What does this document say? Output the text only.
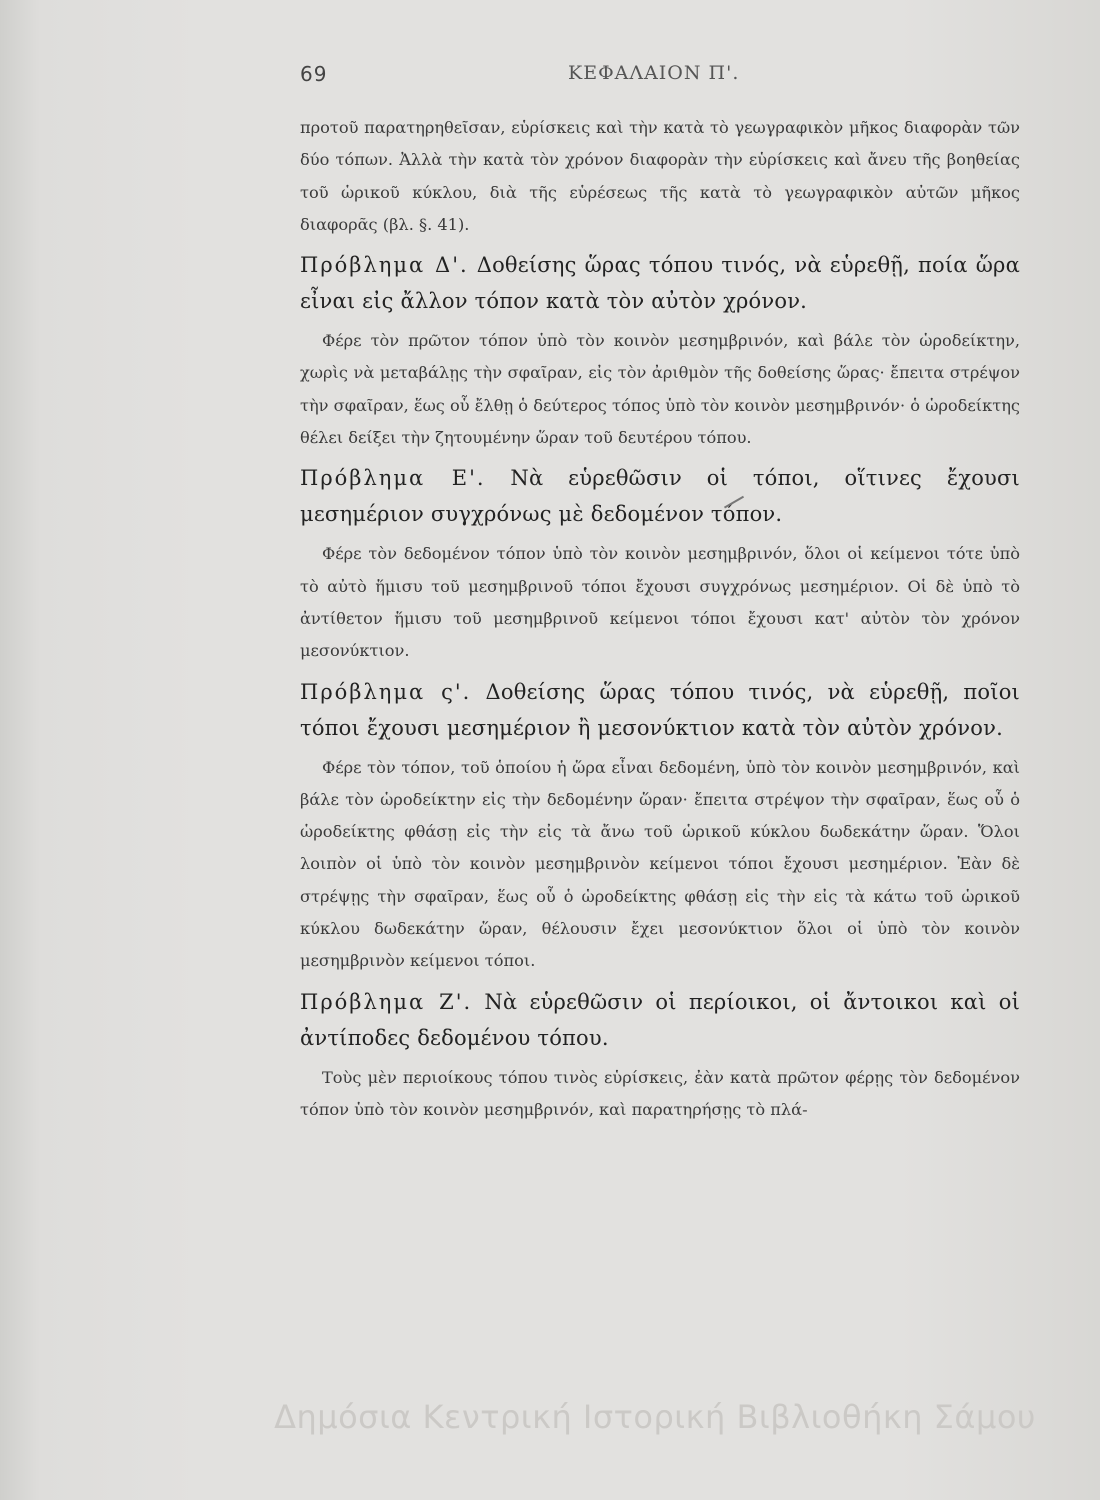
69	ΚΕΦΑΛΑΙΟΝ Π'.

προτοῦ παρατηρηθεῖσαν, εὑρίσκεις καὶ τὴν κατὰ τὸ γεωγραφικὸν μῆκος διαφορὰν τῶν δύο τόπων. Ἀλλὰ τὴν κατὰ τὸν χρόνον διαφορὰν τὴν εὑρίσκεις καὶ ἄνευ τῆς βοηθείας τοῦ ὡρικοῦ κύκλου, διὰ τῆς εὑρέσεως τῆς κατὰ τὸ γεωγραφικὸν αὐτῶν μῆκος διαφορᾶς (βλ. §. 41).

Πρόβλημα Δ'. Δοθείσης ὥρας τόπου τινός, νὰ εὑρεθῇ, ποία ὥρα εἶναι εἰς ἄλλον τόπον κατὰ τὸν αὐτὸν χρόνον.

Φέρε τὸν πρῶτον τόπον ὑπὸ τὸν κοινὸν μεσημβρινόν, καὶ βάλε τὸν ὡροδείκτην, χωρὶς νὰ μεταβάλῃς τὴν σφαῖραν, εἰς τὸν ἀριθμὸν τῆς δοθείσης ὥρας· ἔπειτα στρέψον τὴν σφαῖραν, ἕως οὗ ἔλθῃ ὁ δεύτερος τόπος ὑπὸ τὸν κοινὸν μεσημβρινόν· ὁ ὡροδείκτης θέλει δείξει τὴν ζητουμένην ὥραν τοῦ δευτέρου τόπου.

Πρόβλημα Ε'. Νὰ εὑρεθῶσιν οἱ τόποι, οἵτινες ἔχουσι μεσημέριον συγχρόνως μὲ δεδομένον τόπον.

Φέρε τὸν δεδομένον τόπον ὑπὸ τὸν κοινὸν μεσημβρινόν, ὅλοι οἱ κείμενοι τότε ὑπὸ τὸ αὐτὸ ἥμισυ τοῦ μεσημβρινοῦ τόποι ἔχουσι συγχρόνως μεσημέριον. Οἱ δὲ ὑπὸ τὸ ἀντίθετον ἥμισυ τοῦ μεσημβρινοῦ κείμενοι τόποι ἔχουσι κατ' αὐτὸν τὸν χρόνον μεσονύκτιον.

Πρόβλημα ς'. Δοθείσης ὥρας τόπου τινός, νὰ εὑρεθῇ, ποῖοι τόποι ἔχουσι μεσημέριον ἢ μεσονύκτιον κατὰ τὸν αὐτὸν χρόνον.

Φέρε τὸν τόπον, τοῦ ὁποίου ἡ ὥρα εἶναι δεδομένη, ὑπὸ τὸν κοινὸν μεσημβρινόν, καὶ βάλε τὸν ὡροδείκτην εἰς τὴν δεδομένην ὥραν· ἔπειτα στρέψον τὴν σφαῖραν, ἕως οὗ ὁ ὡροδείκτης φθάσῃ εἰς τὴν εἰς τὰ ἄνω τοῦ ὡρικοῦ κύκλου δωδεκάτην ὥραν. Ὅλοι λοιπὸν οἱ ὑπὸ τὸν κοινὸν μεσημβρινὸν κείμενοι τόποι ἔχουσι μεσημέριον. Ἐὰν δὲ στρέψῃς τὴν σφαῖραν, ἕως οὗ ὁ ὡροδείκτης φθάσῃ εἰς τὴν εἰς τὰ κάτω τοῦ ὡρικοῦ κύκλου δωδεκάτην ὥραν, θέλουσιν ἔχει μεσονύκτιον ὅλοι οἱ ὑπὸ τὸν κοινὸν μεσημβρινὸν κείμενοι τόποι.

Πρόβλημα Ζ'. Νὰ εὑρεθῶσιν οἱ περίοικοι, οἱ ἄντοικοι καὶ οἱ ἀντίποδες δεδομένου τόπου.

Τοὺς μὲν περιοίκους τόπου τινὸς εὑρίσκεις, ἐὰν κατὰ πρῶτον φέρῃς τὸν δεδομένον τόπον ὑπὸ τὸν κοινὸν μεσημβρινόν, καὶ παρατηρήσῃς τὸ πλά-

Δημόσια Κεντρική Ιστορική Βιβλιοθήκη Σάμου
